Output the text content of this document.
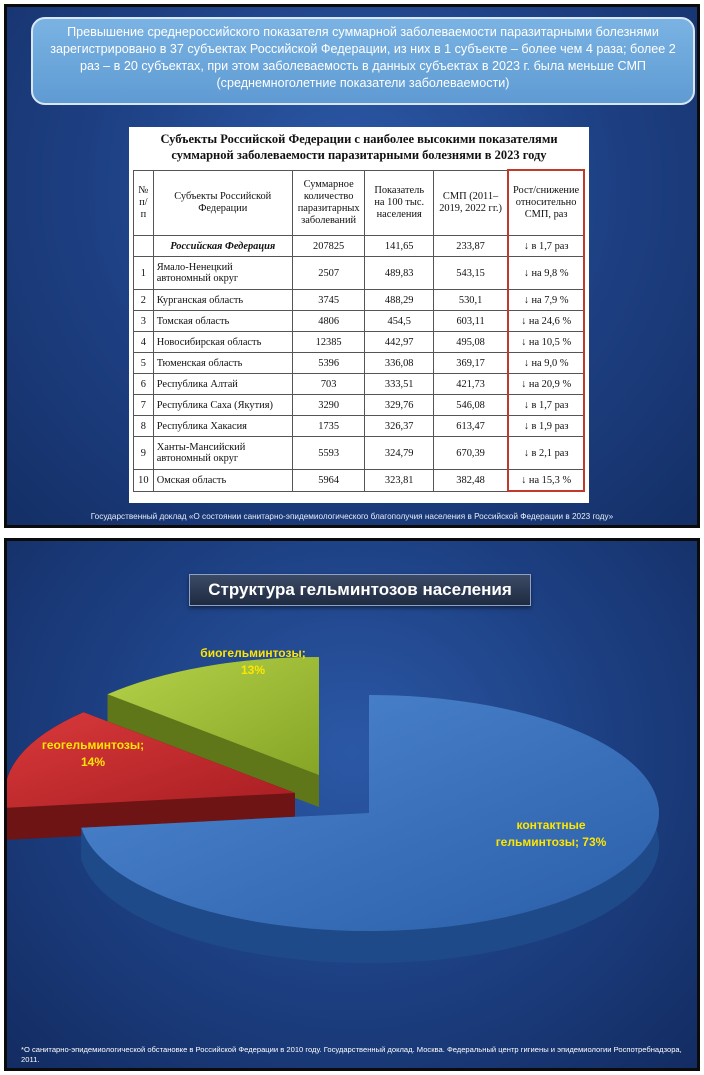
Превышение среднероссийского показателя суммарной заболеваемости паразитарными болезнями зарегистрировано в 37 субъектах Российской Федерации, из них в 1 субъекте – более чем 4 раза; более 2 раз – в 20 субъектах, при этом заболеваемость в данных субъектах в 2023 г. была меньше СМП (среднемноголетние показатели заболеваемости)
Субъекты Российской Федерации с наиболее высокими показателями суммарной заболеваемости паразитарными болезнями в 2023 году
№ п/п	Субъекты Российской Федерации	Суммарное количество паразитарных заболеваний	Показатель на 100 тыс. населения	СМП (2011–2019, 2022 гг.)	Рост/снижение относительно СМП, раз
	Российская Федерация	207825	141,65	233,87	↓ в 1,7 раз
1	Ямало-Ненецкий автономный округ	2507	489,83	543,15	↓ на 9,8 %
2	Курганская область	3745	488,29	530,1	↓ на 7,9 %
3	Томская область	4806	454,5	603,11	↓ на 24,6 %
4	Новосибирская область	12385	442,97	495,08	↓ на 10,5 %
5	Тюменская область	5396	336,08	369,17	↓ на 9,0 %
6	Республика Алтай	703	333,51	421,73	↓ на 20,9 %
7	Республика Саха (Якутия)	3290	329,76	546,08	↓ в 1,7 раз
8	Республика Хакасия	1735	326,37	613,47	↓ в 1,9 раз
9	Ханты-Мансийский автономный округ	5593	324,79	670,39	↓ в 2,1 раз
10	Омская область	5964	323,81	382,48	↓ на 15,3 %
Государственный доклад «О состоянии санитарно-эпидемиологического благополучия населения в Российской Федерации в 2023 году»
Структура гельминтозов населения
биогельминтозы;
13%
геогельминтозы;
14%
контактные
гельминтозы; 73%
*О санитарно-эпидемиологической обстановке в Российской Федерации в 2010 году. Государственный доклад. Москва. Федеральный центр гигиены и эпидемиологии Роспотребнадзора, 2011.
